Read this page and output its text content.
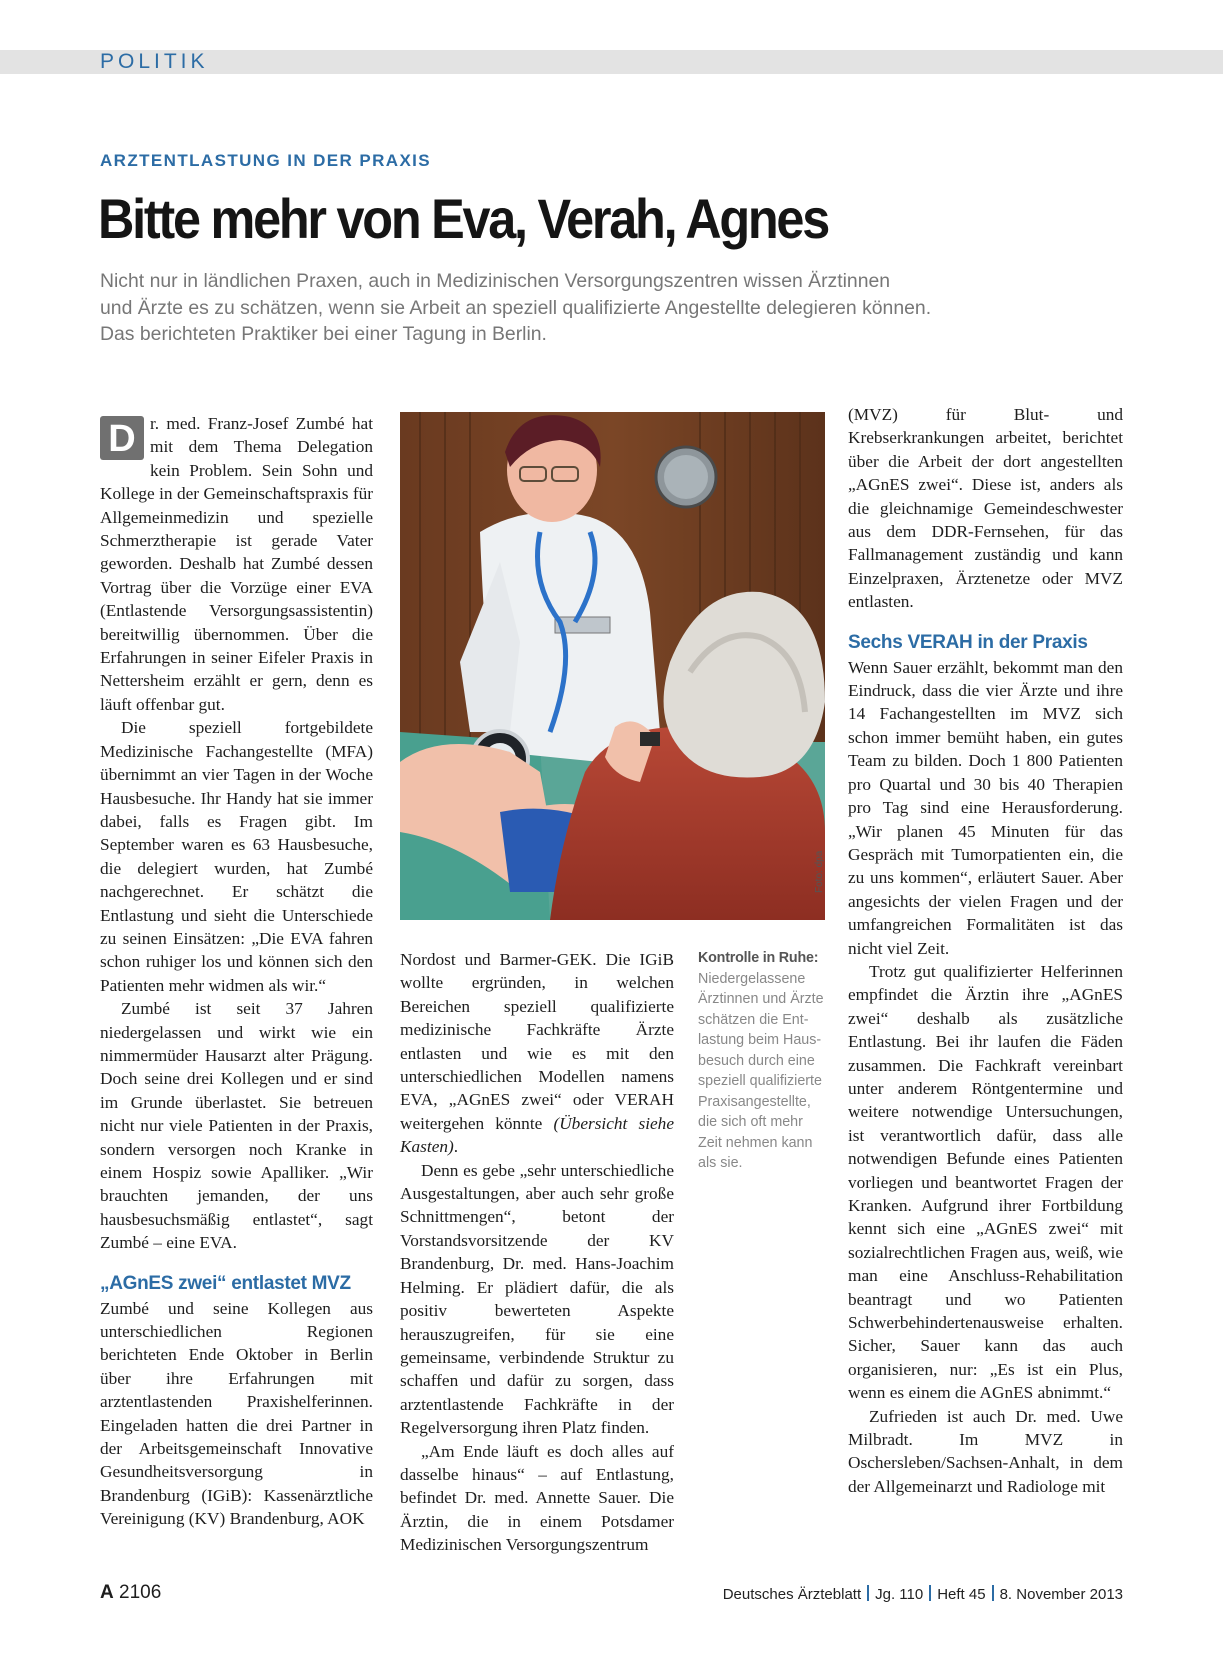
POLITIK
ARZTENTLASTUNG IN DER PRAXIS
Bitte mehr von Eva, Verah, Agnes
Nicht nur in ländlichen Praxen, auch in Medizinischen Versorgungszentren wissen Ärztinnen
und Ärzte es zu schätzen, wenn sie Arbeit an speziell qualifizierte Angestellte delegieren können.
Das berichteten Praktiker bei einer Tagung in Berlin.

D r. med. Franz-Josef Zumbé hat mit dem Thema Delegation kein Problem. Sein Sohn und Kollege in der Gemeinschaftspraxis für Allgemeinmedizin und spezielle Schmerztherapie ist gerade Vater geworden. Deshalb hat Zumbé dessen Vortrag über die Vorzüge einer EVA (Entlastende Versorgungsassistentin) bereitwillig übernommen. Über die Erfahrungen in seiner Eifeler Praxis in Nettersheim erzählt er gern, denn es läuft offenbar gut.

Die speziell fortgebildete Medizinische Fachangestellte (MFA) übernimmt an vier Tagen in der Woche Hausbesuche. Ihr Handy hat sie immer dabei, falls es Fragen gibt. Im September waren es 63 Hausbesuche, die delegiert wurden, hat Zumbé nachgerechnet. Er schätzt die Entlastung und sieht die Unterschiede zu seinen Einsätzen: „Die EVA fahren schon ruhiger los und können sich den Patienten mehr widmen als wir.“

Zumbé ist seit 37 Jahren niedergelassen und wirkt wie ein nimmermüder Hausarzt alter Prägung. Doch seine drei Kollegen und er sind im Grunde überlastet. Sie betreuen nicht nur viele Patienten in der Praxis, sondern versorgen noch Kranke in einem Hospiz sowie Apalliker. „Wir brauchten jemanden, der uns hausbesuchsmäßig entlastet“, sagt Zumbé – eine EVA.

„AGnES zwei“ entlastet MVZ

Zumbé und seine Kollegen aus unterschiedlichen Regionen berichteten Ende Oktober in Berlin über ihre Erfahrungen mit arztentlastenden Praxishelferinnen. Eingeladen hatten die drei Partner in der Arbeitsgemeinschaft Innovative Gesundheitsversorgung in Brandenburg (IGiB): Kassenärztliche Vereinigung (KV) Brandenburg, AOK

Foto: dpa
Kontrolle in Ruhe:
Niedergelassene
Ärztinnen und Ärzte
schätzen die Ent-
lastung beim Haus-
besuch durch eine
speziell qualifizierte
Praxisangestellte,
die sich oft mehr
Zeit nehmen kann
als sie.

Nordost und Barmer-GEK. Die IGiB wollte ergründen, in welchen Bereichen speziell qualifizierte medizinische Fachkräfte Ärzte entlasten und wie es mit den unterschiedlichen Modellen namens EVA, „AGnES zwei“ oder VERAH weitergehen könnte (Übersicht siehe Kasten).

Denn es gebe „sehr unterschiedliche Ausgestaltungen, aber auch sehr große Schnittmengen“, betont der Vorstandsvorsitzende der KV Brandenburg, Dr. med. Hans-Joachim Helming. Er plädiert dafür, die als positiv bewerteten Aspekte herauszugreifen, für sie eine gemeinsame, verbindende Struktur zu schaffen und dafür zu sorgen, dass arztentlastende Fachkräfte in der Regelversorgung ihren Platz finden.

„Am Ende läuft es doch alles auf dasselbe hinaus“ – auf Entlastung, befindet Dr. med. Annette Sauer. Die Ärztin, die in einem Potsdamer Medizinischen Versorgungszentrum

(MVZ) für Blut- und Krebserkrankungen arbeitet, berichtet über die Arbeit der dort angestellten „AGnES zwei“. Diese ist, anders als die gleichnamige Gemeindeschwester aus dem DDR-Fernsehen, für das Fallmanagement zuständig und kann Einzelpraxen, Ärztenetze oder MVZ entlasten.

Sechs VERAH in der Praxis

Wenn Sauer erzählt, bekommt man den Eindruck, dass die vier Ärzte und ihre 14 Fachangestellten im MVZ sich schon immer bemüht haben, ein gutes Team zu bilden. Doch 1 800 Patienten pro Quartal und 30 bis 40 Therapien pro Tag sind eine Herausforderung. „Wir planen 45 Minuten für das Gespräch mit Tumorpatienten ein, die zu uns kommen“, erläutert Sauer. Aber angesichts der vielen Fragen und der umfangreichen Formalitäten ist das nicht viel Zeit.

Trotz gut qualifizierter Helferinnen empfindet die Ärztin ihre „AGnES zwei“ deshalb als zusätzliche Entlastung. Bei ihr laufen die Fäden zusammen. Die Fachkraft vereinbart unter anderem Röntgentermine und weitere notwendige Untersuchungen, ist verantwortlich dafür, dass alle notwendigen Befunde eines Patienten vorliegen und beantwortet Fragen der Kranken. Aufgrund ihrer Fortbildung kennt sich eine „AGnES zwei“ mit sozialrechtlichen Fragen aus, weiß, wie man eine Anschluss-Rehabilitation beantragt und wo Patienten Schwerbehindertenausweise erhalten. Sicher, Sauer kann das auch organisieren, nur: „Es ist ein Plus, wenn es einem die AGnES abnimmt.“

Zufrieden ist auch Dr. med. Uwe Milbradt. Im MVZ in Oschersleben/Sachsen-Anhalt, in dem der Allgemeinarzt und Radiologe mit

A 2106	Deutsches Ärzteblatt Jg. 110 Heft 45 8. November 2013
